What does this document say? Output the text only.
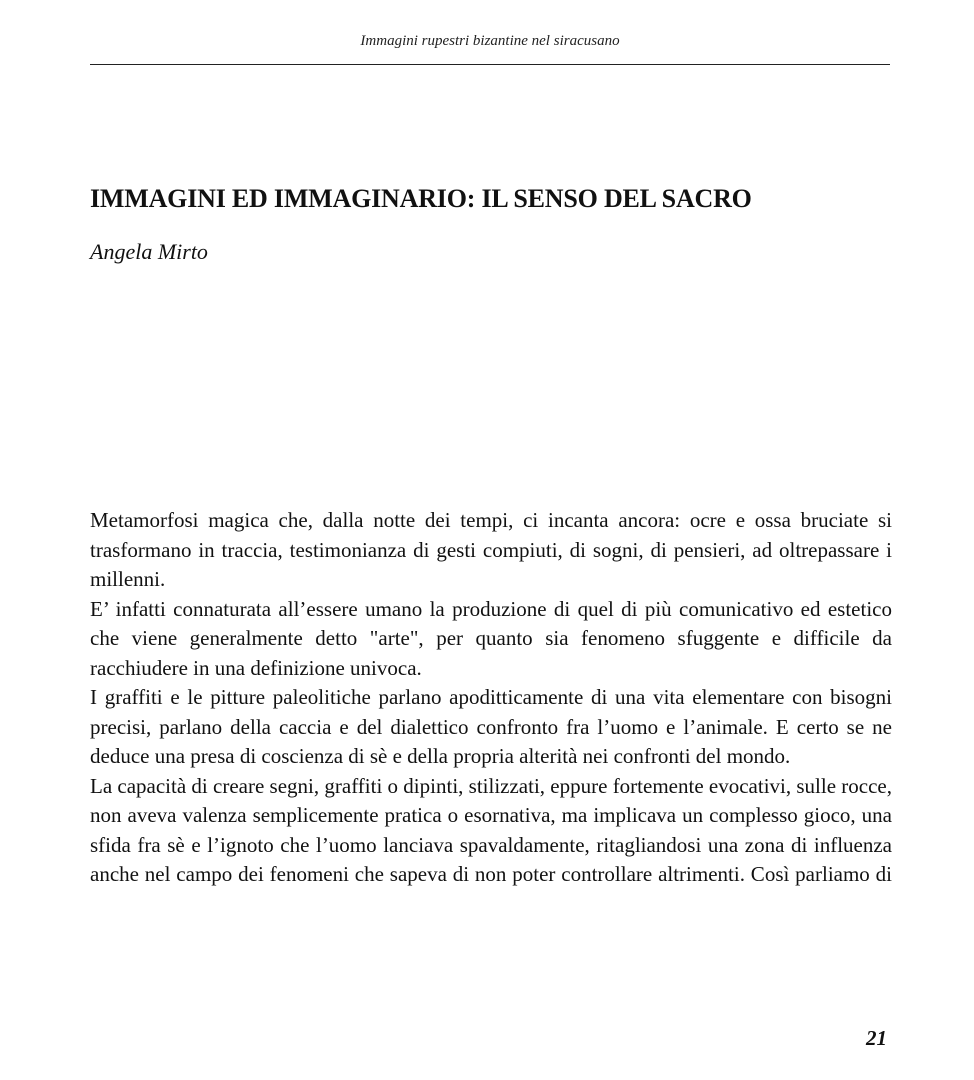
Immagini rupestri bizantine nel siracusano
IMMAGINI ED IMMAGINARIO: IL SENSO DEL SACRO
Angela Mirto

Metamorfosi magica che, dalla notte dei tempi, ci incanta ancora: ocre e ossa bruciate si trasformano in traccia, testimonianza di gesti compiuti, di sogni, di pensieri, ad oltrepassare i millenni.

E’ infatti connaturata all’essere umano la produzione di quel di più comunicativo ed estetico che viene generalmente detto "arte", per quanto sia fenomeno sfuggente e difficile da racchiudere in una definizione univoca.

I graffiti e le pitture paleolitiche parlano apoditticamente di una vita elementare con bisogni precisi, parlano della caccia e del dialettico confronto fra l’uomo e l’animale. E certo se ne deduce una presa di coscienza di sè e della propria alterità nei confronti del mondo.

La capacità di creare segni, graffiti o dipinti, stilizzati, eppure fortemente evocativi, sulle rocce, non aveva valenza semplicemente pratica o esornativa, ma implicava un complesso gioco, una sfida fra sè e l’ignoto che l’uomo lanciava spavaldamente, ritagliandosi una zona di influenza anche nel campo dei fenomeni che sapeva di non poter controllare altrimenti. Così parliamo di

21
